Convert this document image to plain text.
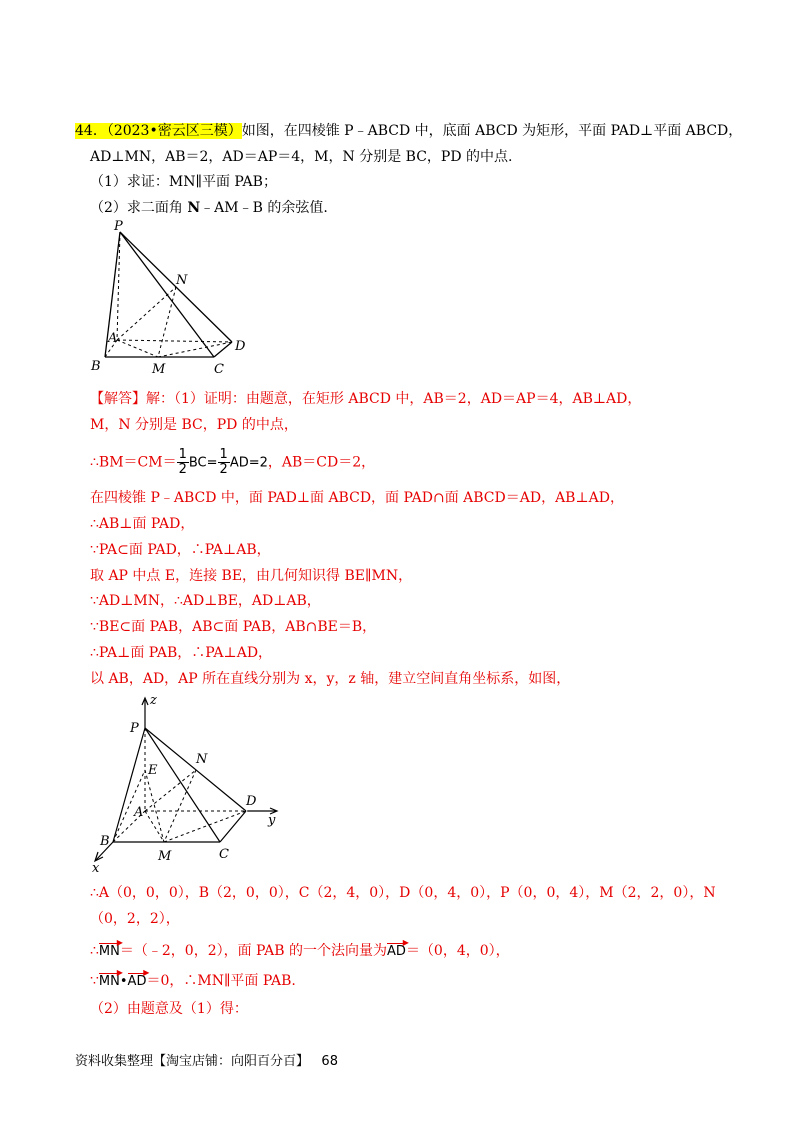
44．（2023•密云区三模）如图，在四棱锥 P﹣ABCD 中，底面 ABCD 为矩形，平面 PAD⊥平面 ABCD，
AD⊥MN，AB＝2，AD＝AP＝4，M，N 分别是 BC，PD 的中点.
（1）求证：MN∥平面 PAB；
（2）求二面角 N﹣AM﹣B 的余弦值.
P
N
A
D
B	M	C
【解答】解：（1）证明：由题意，在矩形 ABCD 中，AB＝2，AD＝AP＝4，AB⊥AD，
M，N 分别是 BC，PD 的中点，
∴BM＝CM＝ $\frac{1}{2} BC= \frac{1}{2} AD=2$，AB＝CD＝2，
在四棱锥 P﹣ABCD 中，面 PAD⊥面 ABCD，面 PAD∩面 ABCD＝AD，AB⊥AD，
∴AB⊥面 PAD，
∵PA⊂面 PAD，∴PA⊥AB，
取 AP 中点 E，连接 BE，由几何知识得 BE∥MN，
∵AD⊥MN，∴AD⊥BE，AD⊥AB，
∵BE⊂面 PAB，AB⊂面 PAB，AB∩BE＝B，
∴PA⊥面 PAB，∴PA⊥AD，
以 AB，AD，AP 所在直线分别为 x，y，z 轴，建立空间直角坐标系，如图，
z
P
N
E
A
D
y
B
M	C
x
∴A（0，0，0），B（2，0，0），C（2，4，0），D（0，4，0），P（0，0，4），M（2，2，0），N
（0，2，2），
∴MN
▶
＝（﹣2，0，2），面 PAB 的一个法向量为AD
▶
＝（0，4，0），
∵MN
▶
•AD
▶
＝0，∴MN∥平面 PAB.
（2）由题意及（1）得：
资料收集整理【淘宝店铺：向阳百分百】 68
